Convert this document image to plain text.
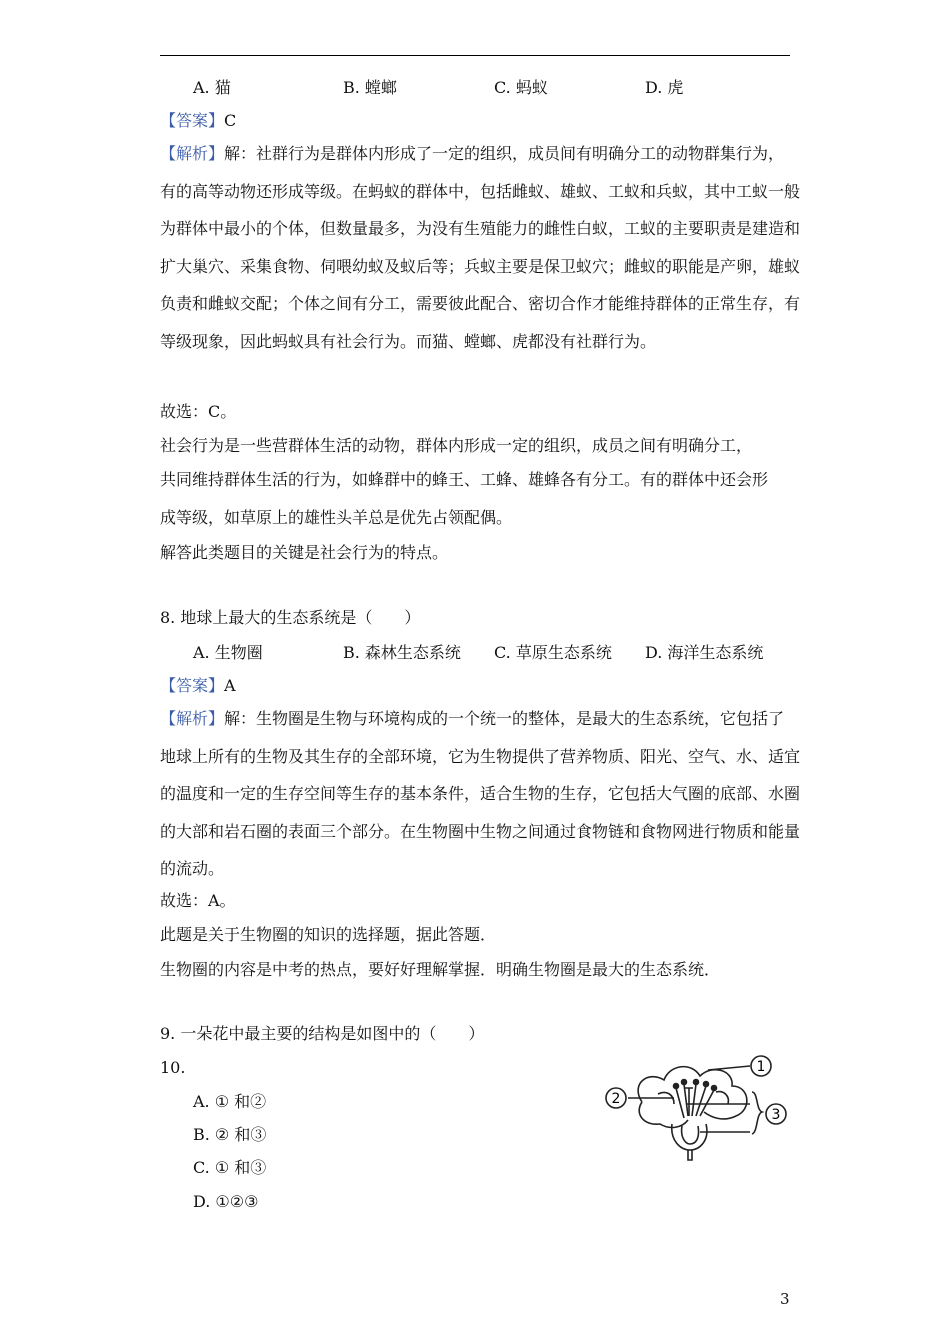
A. 猫	B. 螳螂	C. 蚂蚁	D. 虎
【答案】C
【解析】解：社群行为是群体内形成了一定的组织，成员间有明确分工的动物群集行为，有的高等动物还形成等级。在蚂蚁的群体中，包括雌蚁、雄蚁、工蚁和兵蚁，其中工蚁一般为群体中最小的个体，但数量最多，为没有生殖能力的雌性白蚁，工蚁的主要职责是建造和扩大巢穴、采集食物、伺喂幼蚁及蚁后等；兵蚁主要是保卫蚁穴；雌蚁的职能是产卵，雄蚁负责和雌蚁交配；个体之间有分工，需要彼此配合、密切合作才能维持群体的正常生存，有等级现象，因此蚂蚁具有社会行为。而猫、螳螂、虎都没有社群行为。
故选：C。
社会行为是一些营群体生活的动物，群体内形成一定的组织，成员之间有明确分工，
共同维持群体生活的行为，如蜂群中的蜂王、工蜂、雄蜂各有分工。有的群体中还会形
成等级，如草原上的雄性头羊总是优先占领配偶。
解答此类题目的关键是社会行为的特点。
8. 地球上最大的生态系统是（　　）
A. 生物圈	B. 森林生态系统 C. 草原生态系统 D. 海洋生态系统
【答案】A
【解析】解：生物圈是生物与环境构成的一个统一的整体，是最大的生态系统，它包括了地球上所有的生物及其生存的全部环境，它为生物提供了营养物质、阳光、空气、水、适宜的温度和一定的生存空间等生存的基本条件，适合生物的生存，它包括大气圈的底部、水圈的大部和岩石圈的表面三个部分。在生物圈中生物之间通过食物链和食物网进行物质和能量的流动。
故选：A。
此题是关于生物圈的知识的选择题，据此答题．
生物圈的内容是中考的热点，要好好理解掌握．明确生物圈是最大的生态系统．
9. 一朵花中最主要的结构是如图中的（　　）
10.
A. ① 和②
B. ② 和③
C. ① 和③
D. ①②③
1
2
3
3
